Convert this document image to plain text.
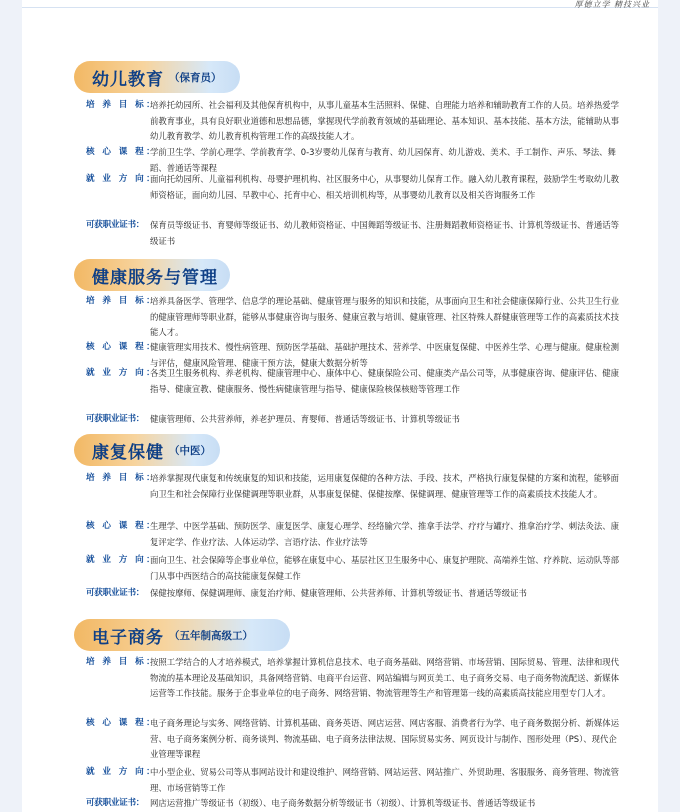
厚德立学 精技兴业
幼儿教育 （保育员）
培 养 目 标：
培养托幼园所、社会福利及其他保育机构中，从事儿童基本生活照料、保健、自理能力培养和辅助教育工作的人员。培养热爱学前教育事业，具有良好职业道德和思想品德，掌握现代学前教育领域的基础理论、基本知识、基本技能、基本方法，能辅助从事幼儿教育教学、幼儿教育机构管理工作的高级技能人才。
核 心 课 程：
学前卫生学、学前心理学、学前教育学、0-3岁婴幼儿保育与教育、幼儿园保育、幼儿游戏、美术、手工制作、声乐、琴法、舞蹈、普通话等课程
就 业 方 向：
面向托幼园所、儿童福利机构、母婴护理机构、社区服务中心，从事婴幼儿保育工作。融入幼儿教育课程，鼓励学生考取幼儿教师资格证，面向幼儿园、早教中心、托育中心、相关培训机构等，从事婴幼儿教育以及相关咨询服务工作
可获职业证书： 保育员等级证书、育婴师等级证书、幼儿教师资格证、中国舞蹈等级证书、注册舞蹈教师资格证书、计算机等级证书、普通话等级证书
健康服务与管理
培 养 目 标：
培养具备医学、管理学、信息学的理论基础、健康管理与服务的知识和技能，从事面向卫生和社会健康保障行业、公共卫生行业的健康管理师等职业群，能够从事健康咨询与服务、健康宣教与培训、健康管理、社区特殊人群健康管理等工作的高素质技术技能人才。
核 心 课 程：
健康管理实用技术、慢性病管理、预防医学基础、基础护理技术、营养学、中医康复保健、中医养生学、心理与健康。健康检测与评估，健康风险管理、健康干预方法，健康大数据分析等
就 业 方 向：
各类卫生服务机构、养老机构、健康管理中心、康体中心、健康保险公司、健康类产品公司等，从事健康咨询、健康评估、健康指导、健康宣教、健康服务、慢性病健康管理与指导、健康保险核保核赔等管理工作
可获职业证书： 健康管理师、公共营养师，养老护理员、育婴师、普通话等级证书、计算机等级证书
康复保健 （中医）
培 养 目 标：
培养掌握现代康复和传统康复的知识和技能，运用康复保健的各种方法、手段、技术，严格执行康复保健的方案和流程，能够面向卫生和社会保障行业保健调理等职业群，从事康复保健、保健按摩、保健调理、健康管理等工作的高素质技术技能人才。
核 心 课 程：
生理学、中医学基础、预防医学、康复医学、康复心理学、经络腧穴学、推拿手法学、疗疗与罐疗、推拿治疗学、刺法灸法、康复评定学、作业疗法、人体运动学、言语疗法、作业疗法等
就 业 方 向：
面向卫生、社会保障等企事业单位，能够在康复中心、基层社区卫生服务中心、康复护理院、高端养生馆、疗养院、运动队等部门从事中西医结合的高技能康复保健工作
可获职业证书： 保健按摩师、保健调理师、康复治疗师、健康管理师、公共营养师、计算机等级证书、普通话等级证书
电子商务 （五年制高级工）
培 养 目 标：
按照工学结合的人才培养模式，培养掌握计算机信息技术、电子商务基础、网络营销、市场营销、国际贸易、管理、法律和现代物流的基本理论及基础知识，具备网络营销、电商平台运营、网站编辑与网页美工、电子商务交易、电子商务物流配送、新媒体运营等工作技能。服务于企事业单位的电子商务、网络营销、物流管理等生产和管理第一线的高素质高技能应用型专门人才。
核 心 课 程：
电子商务理论与实务、网络营销、计算机基础、商务英语、网店运营、网店客服、消费者行为学、电子商务数据分析、新媒体运营、电子商务案例分析、商务谈判、物流基础、电子商务法律法规、国际贸易实务、网页设计与制作、图形处理（PS）、现代企业管理等课程
就 业 方 向：
中小型企业、贸易公司等从事网站设计和建设维护、网络营销、网站运营、网站推广、外贸助理、客服服务、商务管理、物流管理、市场营销等工作
可获职业证书： 网店运营推广等级证书（初级）、电子商务数据分析等级证书（初级）、计算机等级证书、普通话等级证书
